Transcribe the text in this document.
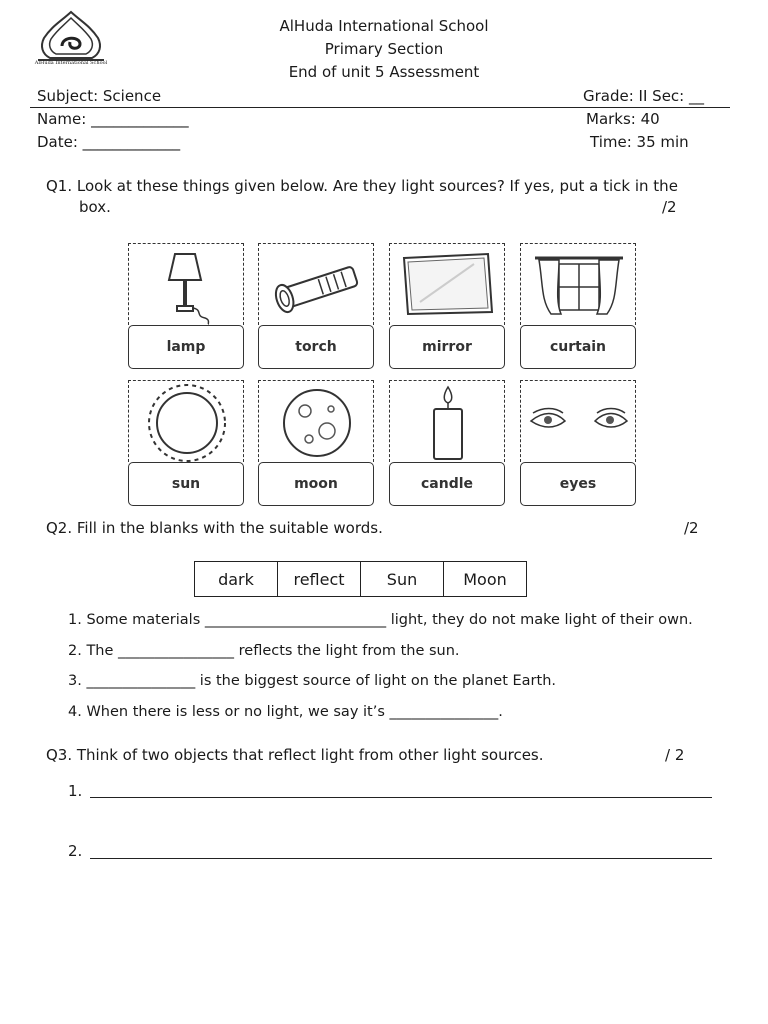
AlHuda International School
AlHuda International School
Primary Section
End of unit 5 Assessment
Subject: Science	Grade: II Sec: __
Name: _____________	Marks: 40
Date: _____________	Time: 35 min
Q1. Look at these things given below. Are they light sources? If yes, put a tick in the
box.	/2
lamp	torch	mirror	curtain
sun	moon	candle	eyes
Q2. Fill in the blanks with the suitable words.	/2
dark	reflect	Sun	Moon
1. Some materials _________________________ light, they do not make light of their own.
2. The ________________ reflects the light from the sun.
3. _______________ is the biggest source of light on the planet Earth.
4. When there is less or no light, we say it’s _______________.
Q3. Think of two objects that reflect light from other light sources.	/ 2
1.
2.
